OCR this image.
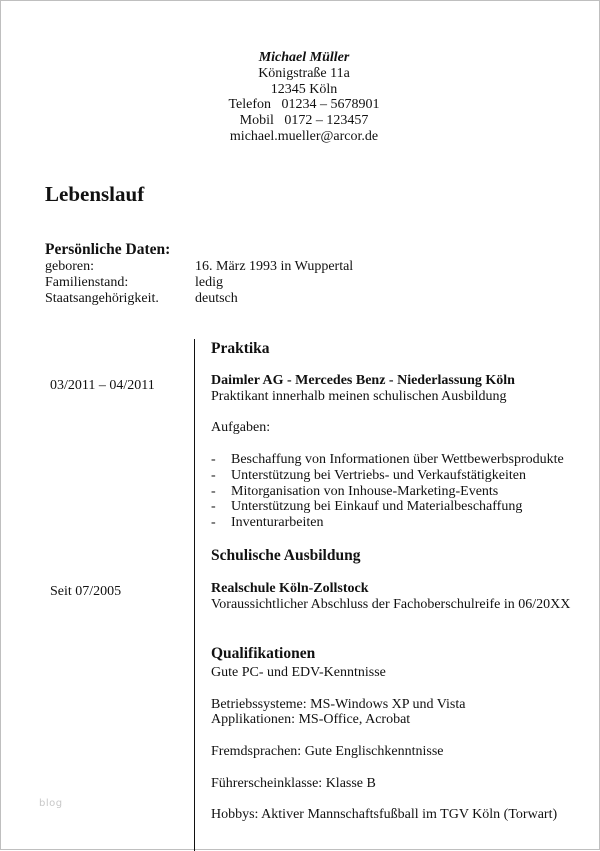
Michael Müller
Königstraße 11a
12345 Köln
Telefon   01234 – 5678901
Mobil   0172 – 123457
michael.mueller@arcor.de
Lebenslauf
Persönliche Daten:
geboren:	16. März 1993 in Wuppertal
Familienstand:	ledig
Staatsangehörigkeit.	deutsch
Praktika
03/2011 – 04/2011	Daimler AG - Mercedes Benz - Niederlassung Köln
Praktikant innerhalb meinen schulischen Ausbildung
Aufgaben:
- Beschaffung von Informationen über Wettbewerbsprodukte
- Unterstützung bei Vertriebs- und Verkaufstätigkeiten
- Mitorganisation von Inhouse-Marketing-Events
- Unterstützung bei Einkauf und Materialbeschaffung
- Inventurarbeiten
Schulische Ausbildung
Seit 07/2005	Realschule Köln-Zollstock
Voraussichtlicher Abschluss der Fachoberschulreife in 06/20XX
Qualifikationen
Gute PC- und EDV-Kenntnisse
Betriebssysteme: MS-Windows XP und Vista
Applikationen: MS-Office, Acrobat
Fremdsprachen: Gute Englischkenntnisse
Führerscheinklasse: Klasse B
Hobbys: Aktiver Mannschaftsfußball im TGV Köln (Torwart)
blog
